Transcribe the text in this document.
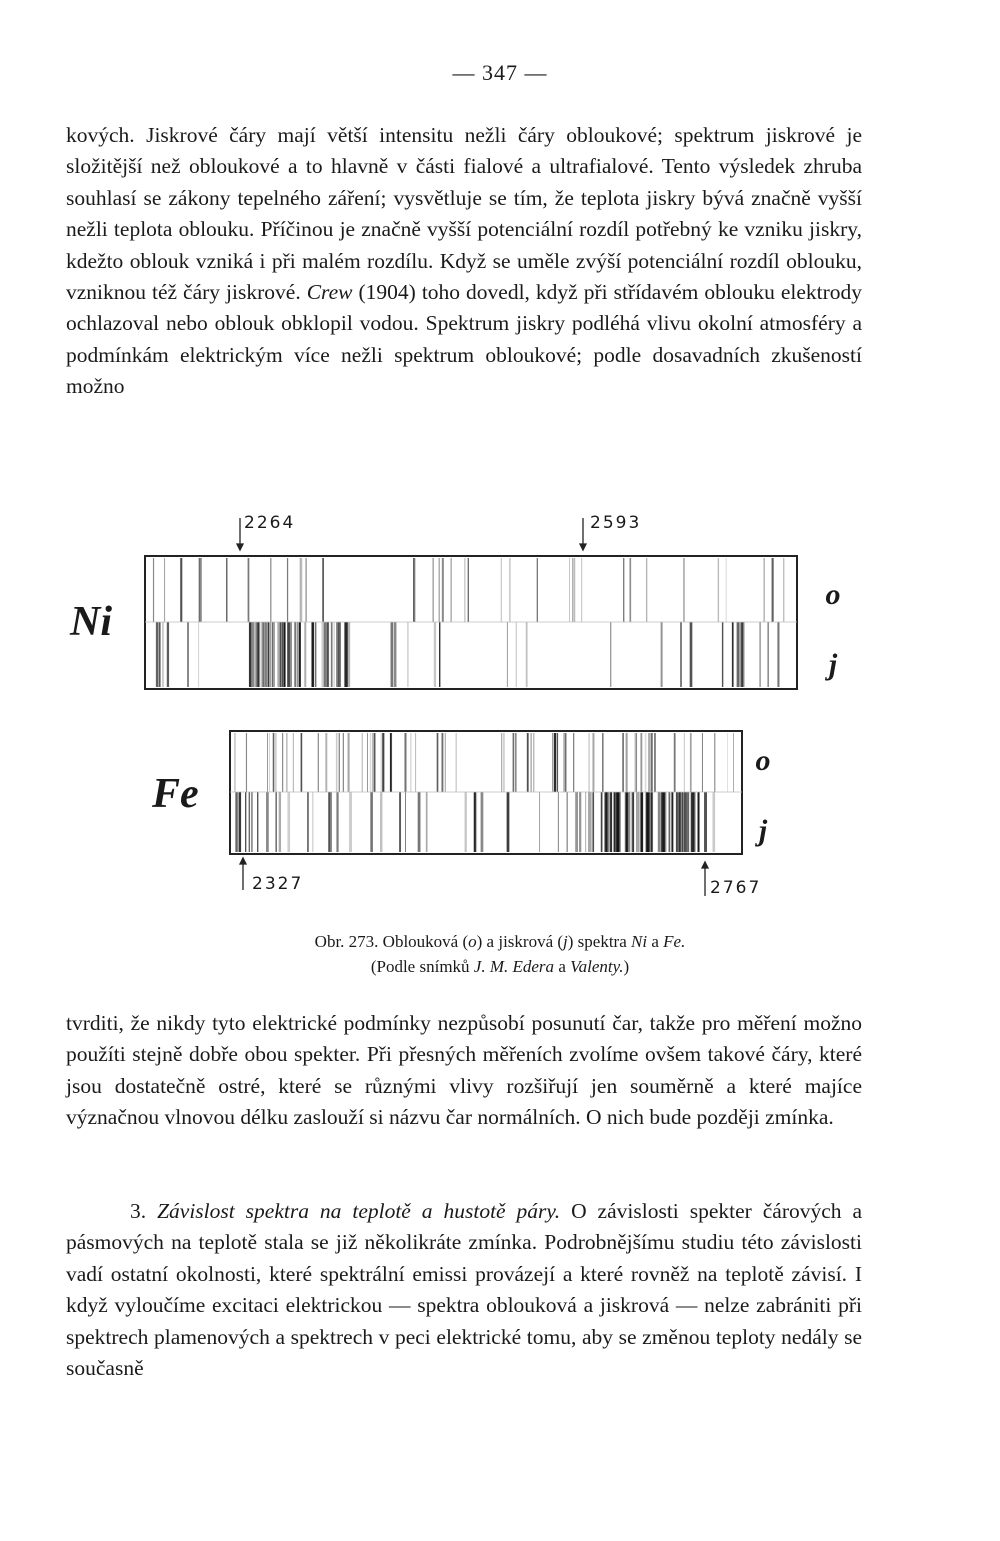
— 347 —

kových. Jiskrové čáry mají větší intensitu nežli čáry obloukové; spektrum jiskrové je složitější než obloukové a to hlavně v části fialové a ultrafialové. Tento výsledek zhruba souhlasí se zákony tepelného záření; vysvětluje se tím, že teplota jiskry bývá značně vyšší nežli teplota oblouku. Příčinou je značně vyšší potenciální rozdíl potřebný ke vzniku jiskry, kdežto oblouk vzniká i při malém rozdílu. Když se uměle zvýší potenciální rozdíl oblouku, vzniknou též čáry jiskrové. Crew (1904) toho dovedl, když při střídavém oblouku elektrody ochlazoval nebo oblouk obklopil vodou. Spektrum jiskry podléhá vlivu okolní atmosféry a podmínkám elektrickým více nežli spektrum obloukové; podle dosavadních zkušeností možno

2264	2593
2327	2767
Ni
Fe
o
j
o
j
Obr. 273. Oblouková (o) a jiskrová (j) spektra Ni a Fe.
(Podle snímků J. M. Edera a Valenty.)

tvrditi, že nikdy tyto elektrické podmínky nezpůsobí posunutí čar, takže pro měření možno použíti stejně dobře obou spekter. Při přesných měřeních zvolíme ovšem takové čáry, které jsou dostatečně ostré, které se různými vlivy rozšiřují jen souměrně a které majíce význačnou vlnovou délku zaslouží si názvu čar normálních. O nich bude později zmínka.

3. Závislost spektra na teplotě a hustotě páry. O závislosti spekter čárových a pásmových na teplotě stala se již několikráte zmínka. Podrobnějšímu studiu této závislosti vadí ostatní okolnosti, které spektrální emissi provázejí a které rovněž na teplotě závisí. I když vyloučíme excitaci elektrickou — spektra oblouková a jiskrová — nelze zabrániti při spektrech plamenových a spektrech v peci elektrické tomu, aby se změnou teploty nedály se současně
